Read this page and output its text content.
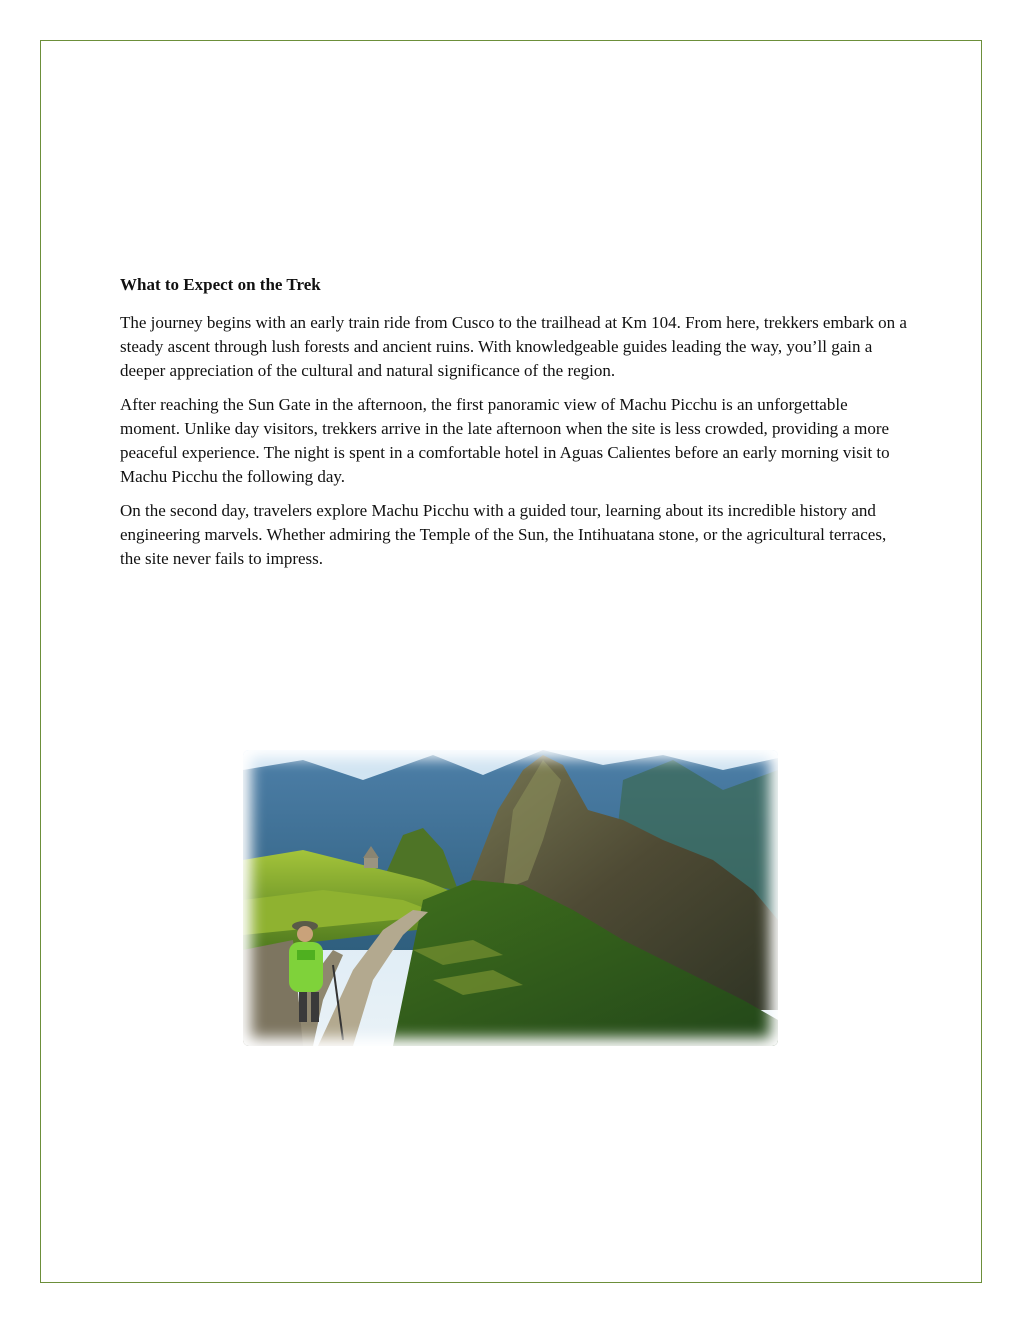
What to Expect on the Trek

The journey begins with an early train ride from Cusco to the trailhead at Km 104. From here, trekkers embark on a steady ascent through lush forests and ancient ruins. With knowledgeable guides leading the way, you’ll gain a deeper appreciation of the cultural and natural significance of the region.

After reaching the Sun Gate in the afternoon, the first panoramic view of Machu Picchu is an unforgettable moment. Unlike day visitors, trekkers arrive in the late afternoon when the site is less crowded, providing a more peaceful experience. The night is spent in a comfortable hotel in Aguas Calientes before an early morning visit to Machu Picchu the following day.

On the second day, travelers explore Machu Picchu with a guided tour, learning about its incredible history and engineering marvels. Whether admiring the Temple of the Sun, the Intihuatana stone, or the agricultural terraces, the site never fails to impress.
